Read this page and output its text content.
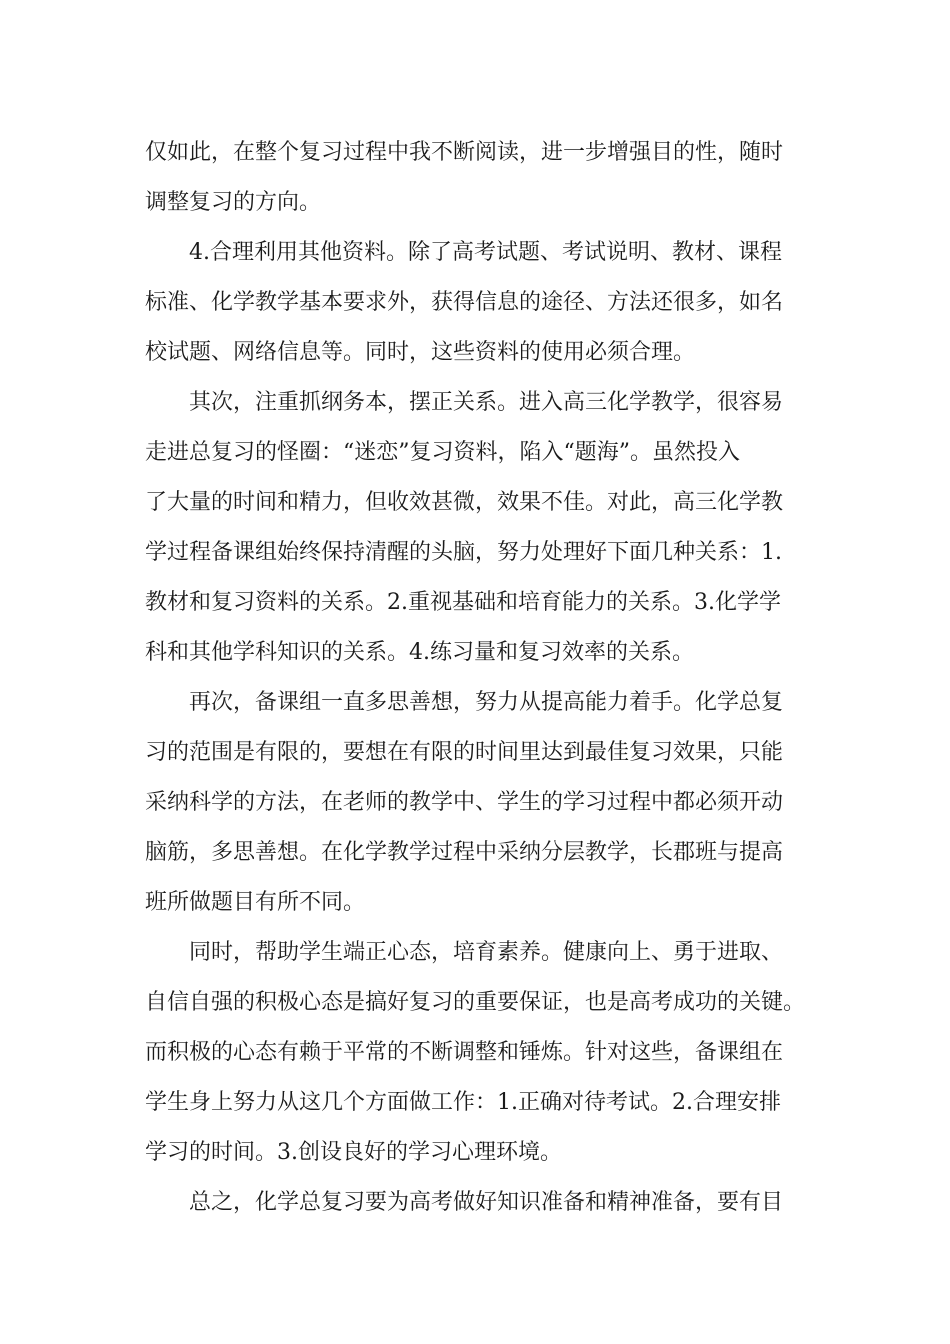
仅如此，在整个复习过程中我不断阅读，进一步增强目的性，随时
调整复习的方向。
4.合理利用其他资料。除了高考试题、考试说明、教材、课程
标准、化学教学基本要求外，获得信息的途径、方法还很多，如名
校试题、网络信息等。同时，这些资料的使用必须合理。
其次，注重抓纲务本，摆正关系。进入高三化学教学，很容易
走进总复习的怪圈：“迷恋”复习资料，陷入“题海”。虽然投入
了大量的时间和精力，但收效甚微，效果不佳。对此，高三化学教
学过程备课组始终保持清醒的头脑，努力处理好下面几种关系：1.
教材和复习资料的关系。2.重视基础和培育能力的关系。3.化学学
科和其他学科知识的关系。4.练习量和复习效率的关系。
再次，备课组一直多思善想，努力从提高能力着手。化学总复
习的范围是有限的，要想在有限的时间里达到最佳复习效果，只能
采纳科学的方法，在老师的教学中、学生的学习过程中都必须开动
脑筋，多思善想。在化学教学过程中采纳分层教学，长郡班与提高
班所做题目有所不同。
同时，帮助学生端正心态，培育素养。健康向上、勇于进取、
自信自强的积极心态是搞好复习的重要保证，也是高考成功的关键。
而积极的心态有赖于平常的不断调整和锤炼。针对这些，备课组在
学生身上努力从这几个方面做工作：1.正确对待考试。2.合理安排
学习的时间。3.创设良好的学习心理环境。
总之，化学总复习要为高考做好知识准备和精神准备，要有目
